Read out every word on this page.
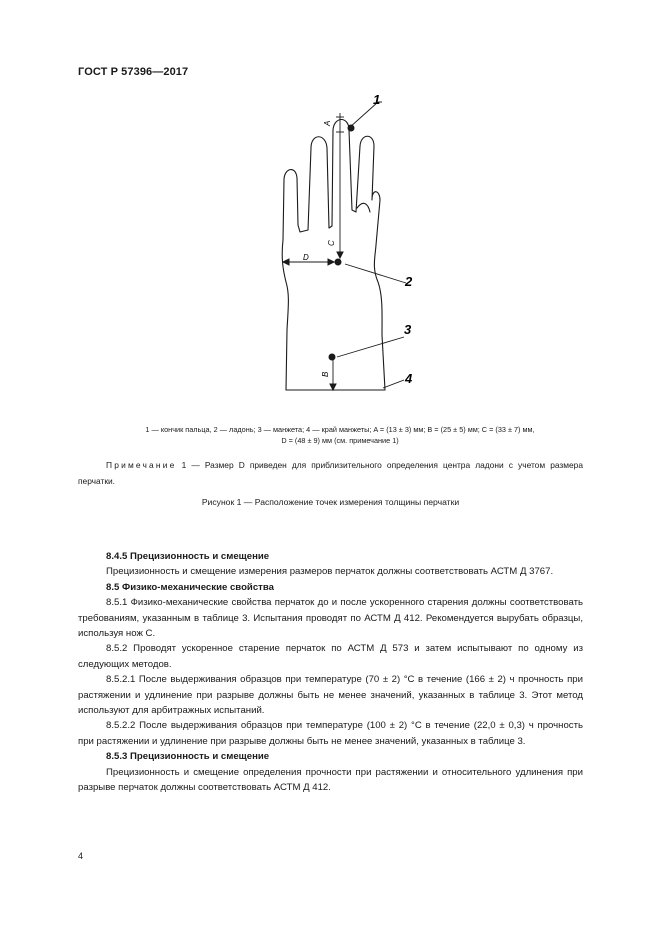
ГОСТ Р 57396—2017
A
C
D
B
1
2
3
4
1 — кончик пальца, 2 — ладонь; 3 — манжета; 4 — край манжеты; A = (13 ± 3) мм; B = (25 ± 5) мм; C = (33 ± 7) мм,
D = (48 ± 9) мм (см. примечание 1)
Примечание 1 — Размер D приведен для приблизительного определения центра ладони с учетом размера перчатки.
Рисунок 1 — Расположение точек измерения толщины перчатки

8.4.5 Прецизионность и смещение

Прецизионность и смещение измерения размеров перчаток должны соответствовать АСТМ Д 3767.

8.5 Физико-механические свойства

8.5.1 Физико-механические свойства перчаток до и после ускоренного старения должны соответствовать требованиям, указанным в таблице 3. Испытания проводят по АСТМ Д 412. Рекомендуется вырубать образцы, используя нож С.

8.5.2 Проводят ускоренное старение перчаток по АСТМ Д 573 и затем испытывают по одному из следующих методов.

8.5.2.1 После выдерживания образцов при температуре (70 ± 2) °С в течение (166 ± 2) ч прочность при растяжении и удлинение при разрыве должны быть не менее значений, указанных в таблице 3. Этот метод используют для арбитражных испытаний.

8.5.2.2 После выдерживания образцов при температуре (100 ± 2) °С в течение (22,0 ± 0,3) ч прочность при растяжении и удлинение при разрыве должны быть не менее значений, указанных в таблице 3.

8.5.3 Прецизионность и смещение

Прецизионность и смещение определения прочности при растяжении и относительного удлинения при разрыве перчаток должны соответствовать АСТМ Д 412.

4
